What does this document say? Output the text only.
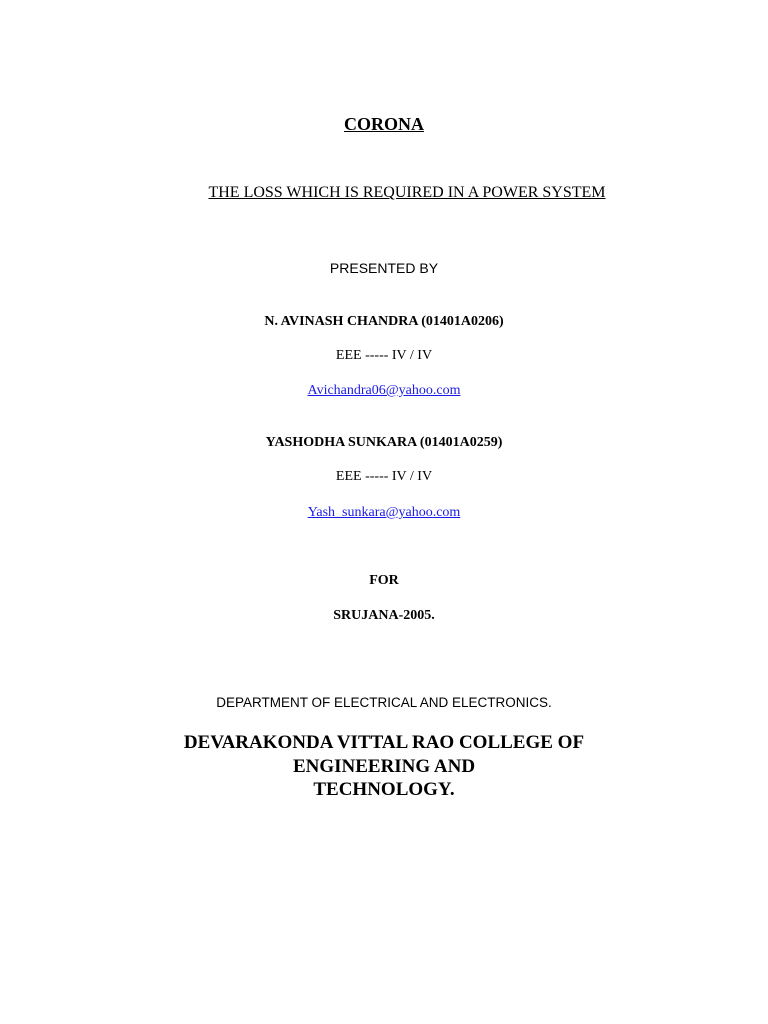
CORONA
THE LOSS WHICH IS REQUIRED IN A POWER SYSTEM
PRESENTED BY
N. AVINASH CHANDRA (01401A0206)
EEE ----- IV / IV
Avichandra06@yahoo.com
YASHODHA SUNKARA (01401A0259)
EEE ----- IV / IV
Yash_sunkara@yahoo.com
FOR
SRUJANA-2005.
DEPARTMENT OF ELECTRICAL AND ELECTRONICS.
DEVARAKONDA VITTAL RAO COLLEGE OF
ENGINEERING AND
TECHNOLOGY.
